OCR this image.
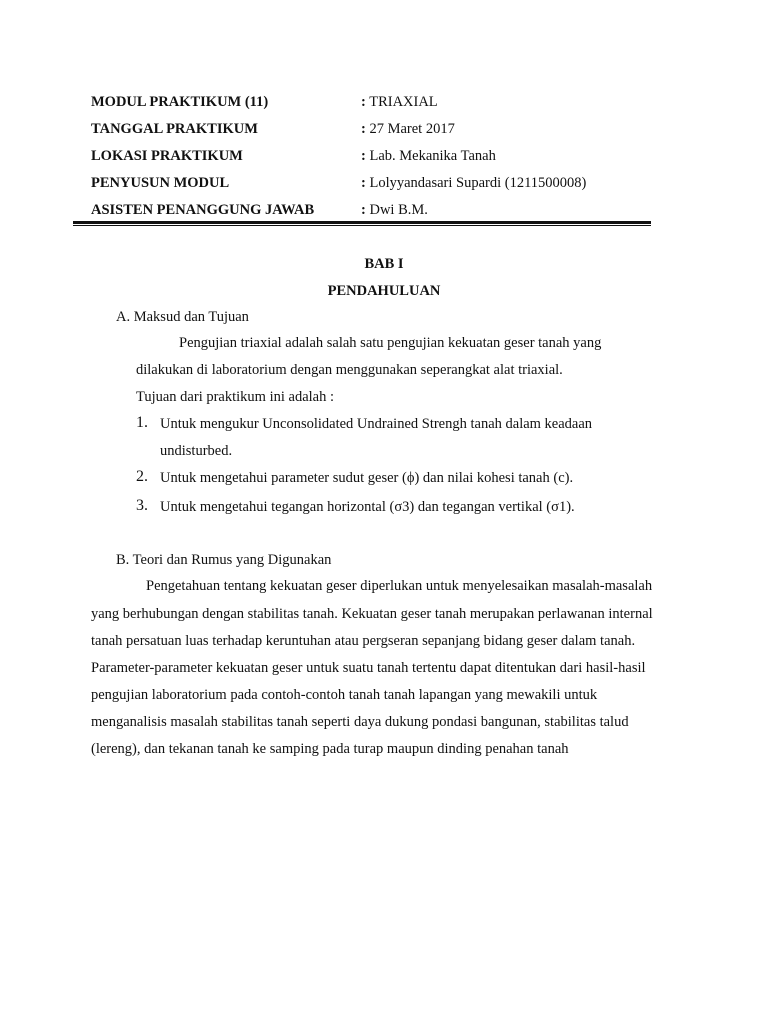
MODUL PRAKTIKUM (11)	: TRIAXIAL
TANGGAL PRAKTIKUM	: 27 Maret 2017
LOKASI PRAKTIKUM	: Lab. Mekanika Tanah
PENYUSUN MODUL	: Lolyyandasari Supardi (1211500008)
ASISTEN PENANGGUNG JAWAB	: Dwi B.M.
BAB I
PENDAHULUAN
A. Maksud dan Tujuan
Pengujian triaxial adalah salah satu pengujian kekuatan geser tanah yang
dilakukan di laboratorium dengan menggunakan seperangkat alat triaxial.
Tujuan dari praktikum ini adalah :
1. Untuk mengukur Unconsolidated Undrained Strengh tanah dalam keadaan
undisturbed.
2. Untuk mengetahui parameter sudut geser (ϕ) dan nilai kohesi tanah (c).
3. Untuk mengetahui tegangan horizontal (σ3) dan tegangan vertikal (σ1).
B. Teori dan Rumus yang Digunakan
Pengetahuan tentang kekuatan geser diperlukan untuk menyelesaikan masalah-masalah
yang berhubungan dengan stabilitas tanah. Kekuatan geser tanah merupakan perlawanan internal
tanah persatuan luas terhadap keruntuhan atau pergseran sepanjang bidang geser dalam tanah.
Parameter-parameter kekuatan geser untuk suatu tanah tertentu dapat ditentukan dari hasil-hasil
pengujian laboratorium pada contoh-contoh tanah tanah lapangan yang mewakili untuk
menganalisis masalah stabilitas tanah seperti daya dukung pondasi bangunan, stabilitas talud
(lereng), dan tekanan tanah ke samping pada turap maupun dinding penahan tanah
